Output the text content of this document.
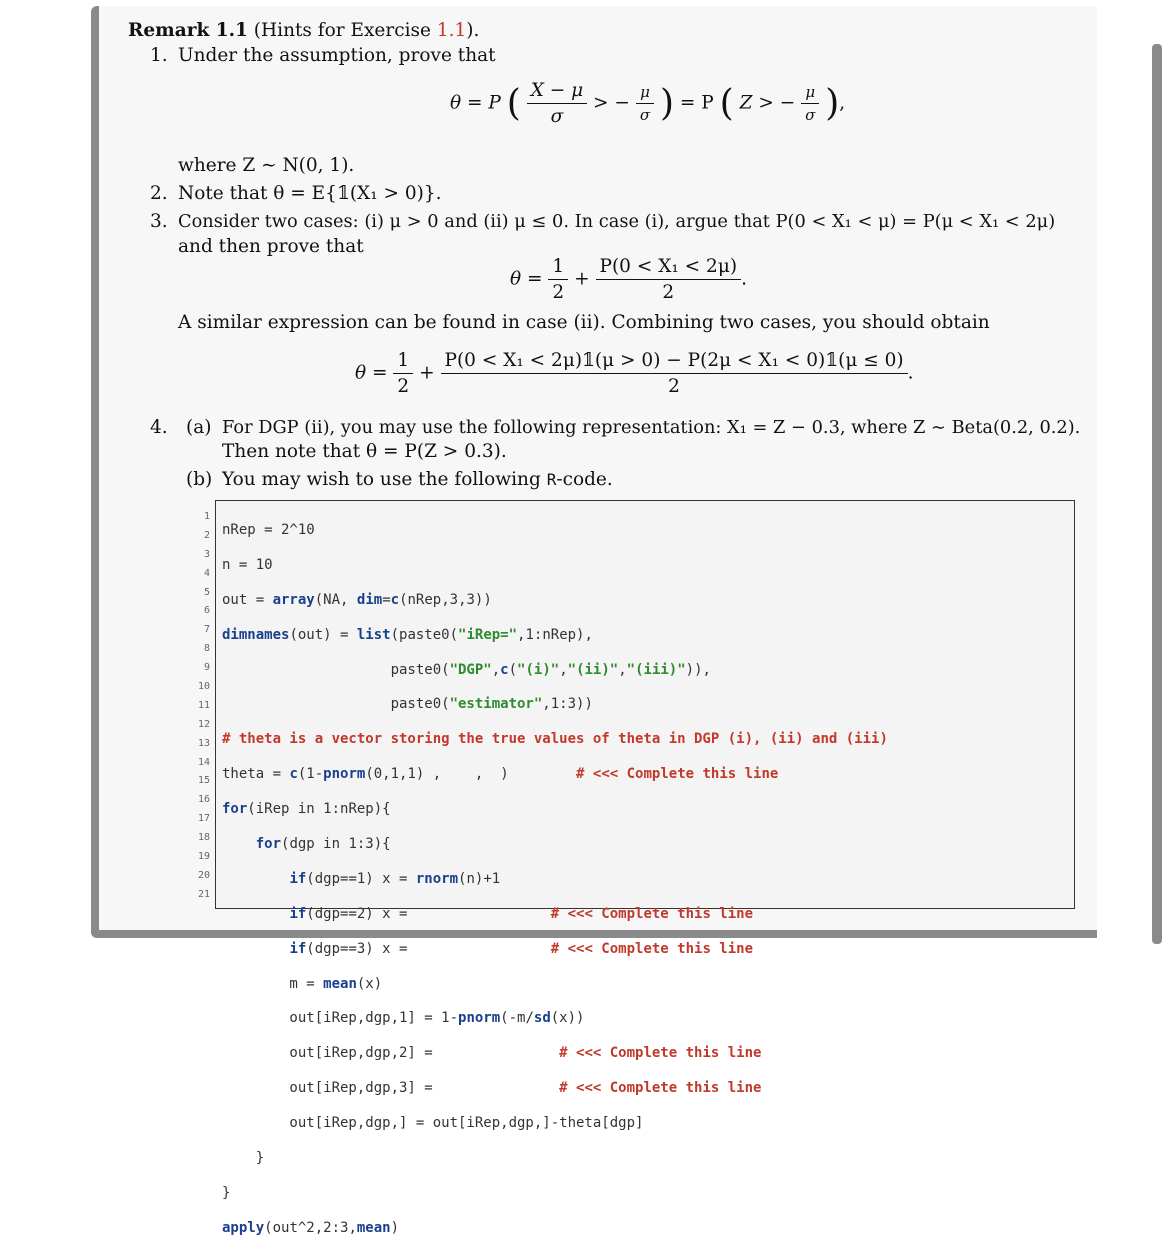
Remark 1.1 (Hints for Exercise 1.1).
1. Under the assumption, prove that
θ = P ( $\frac{X - \mu}{\sigma}$ > − $\frac{\mu}{\sigma}$ ) = P ( Z > − $\frac{\mu}{\sigma}$ ),
where Z ∼ N(0, 1).
2. Note that θ = E{𝟙(X₁ > 0)}.
3. Consider two cases: (i) μ > 0 and (ii) μ ≤ 0. In case (i), argue that P(0 < X₁ < μ) = P(μ < X₁ < 2μ)
and then prove that
$\theta = \frac{1}{2} + \frac{\text{P(0 < X₁ < 2μ)}}{2}$ .
A similar expression can be found in case (ii). Combining two cases, you should obtain
$\theta = \frac{1}{2} + \frac{\text{P(0 < X₁ < 2μ)𝟙(μ > 0) − P(2μ < X₁ < 0)𝟙(μ ≤ 0)}}{2}$ .
4. (a) For DGP (ii), you may use the following representation: X₁ = Z − 0.3, where Z ∼ Beta(0.2, 0.2).
Then note that θ = P(Z > 0.3).
(b) You may wish to use the following R-code.
1
2
3
4
5
6
7
8
9
10
11
12
13
14
15
16
17
18
19
20
21

nRep = 2^10

n = 10

out = array(NA, dim=c(nRep,3,3))

dimnames(out) = list(paste0("iRep=",1:nRep),

paste0("DGP",c("(i)","(ii)","(iii)")),

paste0("estimator",1:3))

# theta is a vector storing the true values of theta in DGP (i), (ii) and (iii)

theta = c(1-pnorm(0,1,1) ,    ,  )        # <<< Complete this line

for(iRep in 1:nRep){

for(dgp in 1:3){

if(dgp==1) x = rnorm(n)+1

if(dgp==2) x =                 # <<< Complete this line

if(dgp==3) x =                 # <<< Complete this line

m = mean(x)

out[iRep,dgp,1] = 1-pnorm(-m/sd(x))

out[iRep,dgp,2] =               # <<< Complete this line

out[iRep,dgp,3] =               # <<< Complete this line

out[iRep,dgp,] = out[iRep,dgp,]-theta[dgp]

}

}

apply(out^2,2:3,mean)
